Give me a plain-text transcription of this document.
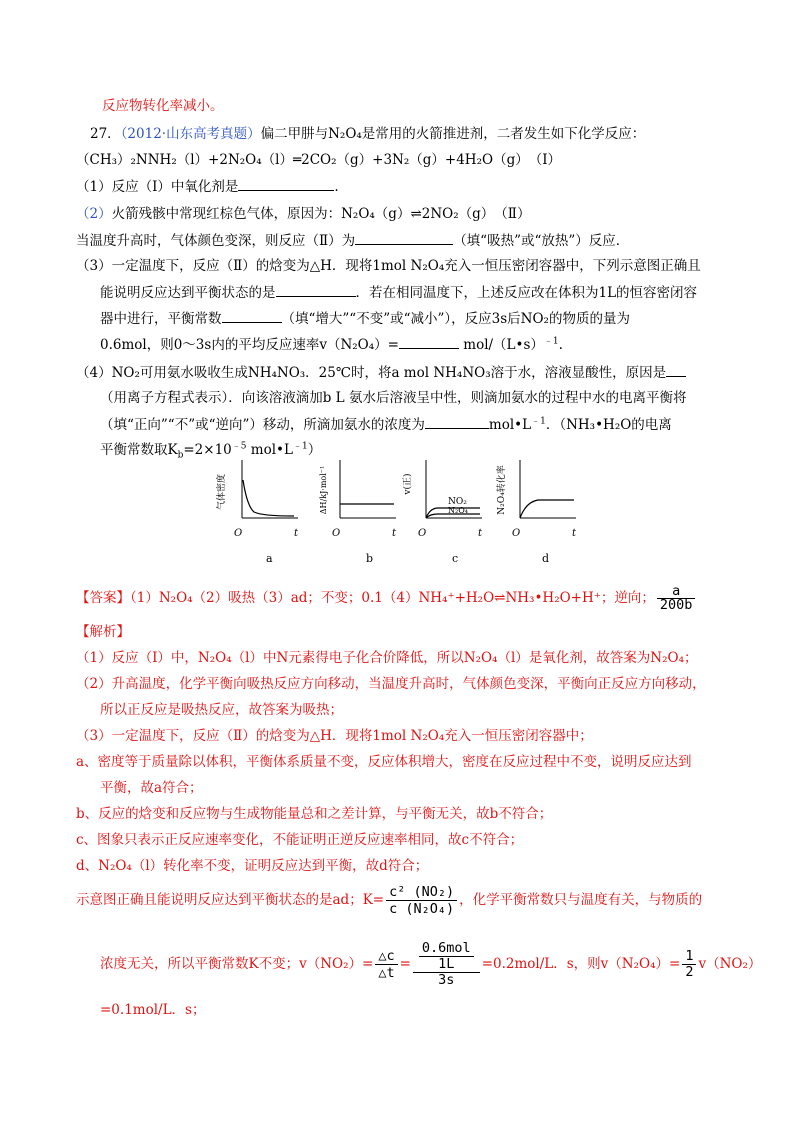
反应物转化率减小。
27．（2012·山东高考真题）偏二甲肼与N₂O₄是常用的火箭推进剂，二者发生如下化学反应：
（CH₃）₂NNH₂（l）+2N₂O₄（l）═2CO₂（g）+3N₂（g）+4H₂O（g）　（Ⅰ）
（1）反应（Ⅰ）中氧化剂是	.
（2）火箭残骸中常现红棕色气体，原因为：N₂O₄（g）⇌2NO₂（g）　（Ⅱ）
当温度升高时，气体颜色变深，则反应（Ⅱ）为	（填“吸热”或“放热”）反应．
（3）一定温度下，反应（Ⅱ）的焓变为△H．现将1mol N₂O₄充入一恒压密闭容器中，下列示意图正确且
能说明反应达到平衡状态的是	．若在相同温度下，上述反应改在体积为1L的恒容密闭容
器中进行，平衡常数	（填“增大”“不变”或“减小”），反应3s后NO₂的物质的量为
0.6mol，则0～3s内的平均反应速率v（N₂O₄）=	mol/（L•s）$^{﹣1}$.
（4）NO₂可用氨水吸收生成NH₄NO₃．25℃时，将a mol NH₄NO₃溶于水，溶液显酸性，原因是
（用离子方程式表示）．向该溶液滴加b L 氨水后溶液呈中性，则滴加氨水的过程中水的电离平衡将
（填“正向”“不”或“逆向”）移动，所滴加氨水的浓度为	$mol•L^{﹣1}$．（NH₃•H₂O的电离
平衡常数取$K_b=2\times 10^{﹣5}$ $mol•L^{﹣1}$）
气体密度
O	t
a
ΔH/kJ·mol⁻¹
O	t
b
v(正)
NO₂
N₂O₄
O	t
c
N₂O₄转化率
O	t
d
【答案】（1）N₂O₄（2）吸热（3）ad；不变；0.1（4）NH₄⁺+H₂O⇌NH₃•H₂O+H⁺；逆向； $\frac{a}{200b}$
【解析】
（1）反应（Ⅰ）中，N₂O₄（l）中N元素得电子化合价降低，所以N₂O₄（l）是氧化剂，故答案为N₂O₄；
（2）升高温度，化学平衡向吸热反应方向移动，当温度升高时，气体颜色变深，平衡向正反应方向移动，
所以正反应是吸热反应，故答案为吸热；
（3）一定温度下，反应（Ⅱ）的焓变为△H．现将1mol N₂O₄充入一恒压密闭容器中；
a、密度等于质量除以体积，平衡体系质量不变，反应体积增大，密度在反应过程中不变，说明反应达到
平衡，故a符合；
b、反应的焓变和反应物与生成物能量总和之差计算，与平衡无关，故b不符合；
c、图象只表示正反应速率变化，不能证明正逆反应速率相同，故c不符合；
d、N₂O₄（l）转化率不变，证明反应达到平衡，故d符合；
示意图正确且能说明反应达到平衡状态的是ad；$K= \frac{\text{c² (NO₂)}}{\text{c (N₂O₄)}}$ ，化学平衡常数只与温度有关，与物质的
浓度无关，所以平衡常数K不变；$v(NO_2)= \frac{\triangle c}{\triangle t} = \frac{\frac{\text{0.6mol}}{1L}}{3s} =0.2mol/L$．s，则$v(N_2O_4)= \frac{1}{2} v(NO_2)$
=0.1mol/L．s；
